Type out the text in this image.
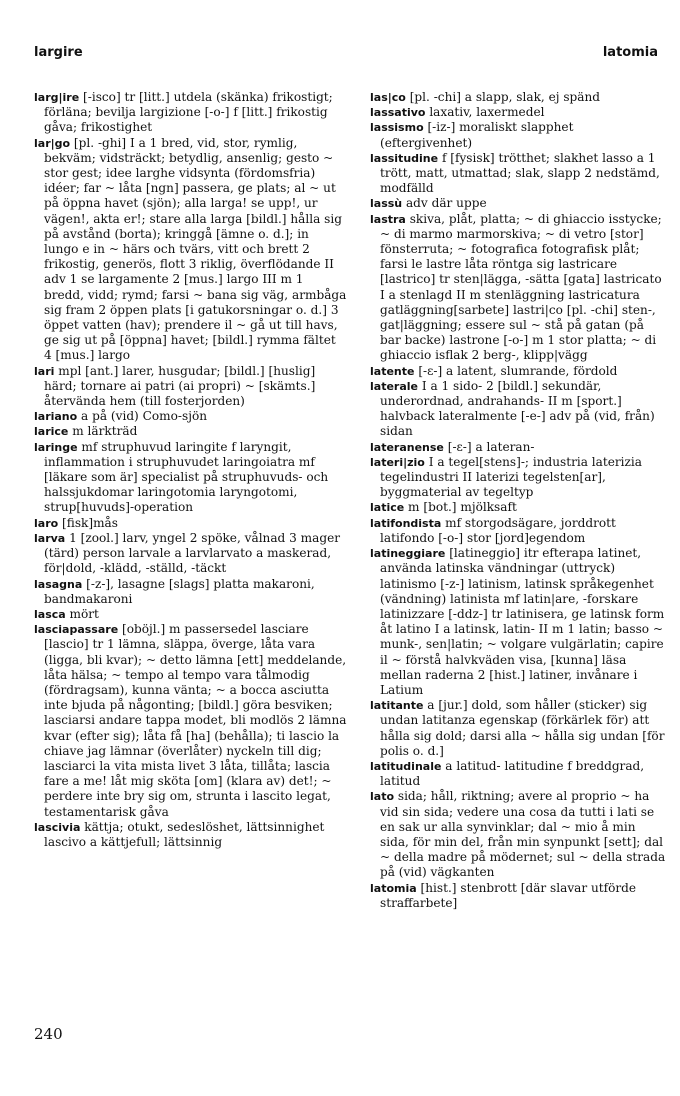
largire	latomia

larg|ire [-isco] tr [litt.] utdela (skänka) frikostigt; förläna; bevilja largizione [-o-] f [litt.] frikostig gåva; frikostighet

lar|go [pl. -ghi] I a 1 bred, vid, stor, rymlig, bekväm; vidsträckt; betydlig, ansenlig; gesto ~ stor gest; idee larghe vidsynta (fördomsfria) idéer; far ~ låta [ngn] passera, ge plats; al ~ ut på öppna havet (sjön); alla larga! se upp!, ur vägen!, akta er!; stare alla larga [bildl.] hålla sig på avstånd (borta); kringgå [ämne o. d.]; in lungo e in ~ härs och tvärs, vitt och brett 2 frikostig, generös, flott 3 riklig, överflödande II adv 1 se largamente 2 [mus.] largo III m 1 bredd, vidd; rymd; farsi ~ bana sig väg, armbåga sig fram 2 öppen plats [i gatukorsningar o. d.] 3 öppet vatten (hav); prendere il ~ gå ut till havs, ge sig ut på [öppna] havet; [bildl.] rymma fältet 4 [mus.] largo

lari mpl [ant.] larer, husgudar; [bildl.] [huslig] härd; tornare ai patri (ai propri) ~ [skämts.] återvända hem (till fosterjorden)

lariano a på (vid) Como-sjön

larice m lärkträd

laringe mf struphuvud laringite f laryngit, inflammation i struphuvudet laringoiatra mf [läkare som är] specialist på struphuvuds- och halssjukdomar laringotomia laryngotomi, strup[huvuds]-operation

laro [fisk]mås

larva 1 [zool.] larv, yngel 2 spöke, vålnad 3 mager (tärd) person larvale a larvlarvato a maskerad, för|dold, -klädd, -ställd, -täckt

lasagna [-z-], lasagne [slags] platta makaroni, bandmakaroni

lasca mört

lasciapassare [oböjl.] m passersedel lasciare [lascio] tr 1 lämna, släppa, överge, låta vara (ligga, bli kvar); ~ detto lämna [ett] meddelande, låta hälsa; ~ tempo al tempo vara tålmodig (fördragsam), kunna vänta; ~ a bocca asciutta inte bjuda på någonting; [bildl.] göra besviken; lasciarsi andare tappa modet, bli modlös 2 lämna kvar (efter sig); låta få [ha] (behålla); ti lascio la chiave jag lämnar (överlåter) nyckeln till dig; lasciarci la vita mista livet 3 låta, tillåta; lascia fare a me! låt mig sköta [om] (klara av) det!; ~ perdere inte bry sig om, strunta i lascito legat, testamentarisk gåva

lascivia kättja; otukt, sedeslöshet, lättsinnighet lascivo a kättjefull; lättsinnig

las|co [pl. -chi] a slapp, slak, ej spänd

lassativo laxativ, laxermedel

lassismo [-iz-] moraliskt slapphet (eftergivenhet)

lassitudine f [fysisk] trötthet; slakhet lasso a 1 trött, matt, utmattad; slak, slapp 2 nedstämd, modfälld

lassù adv där uppe

lastra skiva, plåt, platta; ~ di ghiaccio isstycke; ~ di marmo marmorskiva; ~ di vetro [stor] fönsterruta; ~ fotografica fotografisk plåt; farsi le lastre låta röntga sig lastricare [lastrico] tr sten|lägga, -sätta [gata] lastricato I a stenlagd II m stenläggning lastricatura gatläggning[sarbete] lastri|co [pl. -chi] sten-, gat|läggning; essere sul ~ stå på gatan (på bar backe) lastrone [-o-] m 1 stor platta; ~ di ghiaccio isflak 2 berg-, klipp|vägg

latente [-ɛ-] a latent, slumrande, fördold

laterale I a 1 sido- 2 [bildl.] sekundär, underordnad, andrahands- II m [sport.] halvback lateralmente [-e-] adv på (vid, från) sidan

lateranense [-ɛ-] a lateran-

lateri|zio I a tegel[stens]-; industria laterizia tegelindustri II laterizi tegelsten[ar], byggmaterial av tegeltyp

latice m [bot.] mjölksaft

latifondista mf storgodsägare, jorddrott latifondo [-o-] stor [jord]egendom

latineggiare [latineggio] itr efterapa latinet, använda latinska vändningar (uttryck) latinismo [-z-] latinism, latinsk språkegenhet (vändning) latinista mf latin|are, -forskare latinizzare [-ddz-] tr latinisera, ge latinsk form åt latino I a latinsk, latin- II m 1 latin; basso ~ munk-, sen|latin; ~ volgare vulgärlatin; capire il ~ förstå halvkväden visa, [kunna] läsa mellan raderna 2 [hist.] latiner, invånare i Latium

latitante a [jur.] dold, som håller (sticker) sig undan latitanza egenskap (förkärlek för) att hålla sig dold; darsi alla ~ hålla sig undan [för polis o. d.]

latitudinale a latitud- latitudine f breddgrad, latitud

lato sida; håll, riktning; avere al proprio ~ ha vid sin sida; vedere una cosa da tutti i lati se en sak ur alla synvinklar; dal ~ mio å min sida, för min del, från min synpunkt [sett]; dal ~ della madre på mödernet; sul ~ della strada på (vid) vägkanten

latomia [hist.] stenbrott [där slavar utförde straffarbete]

240
